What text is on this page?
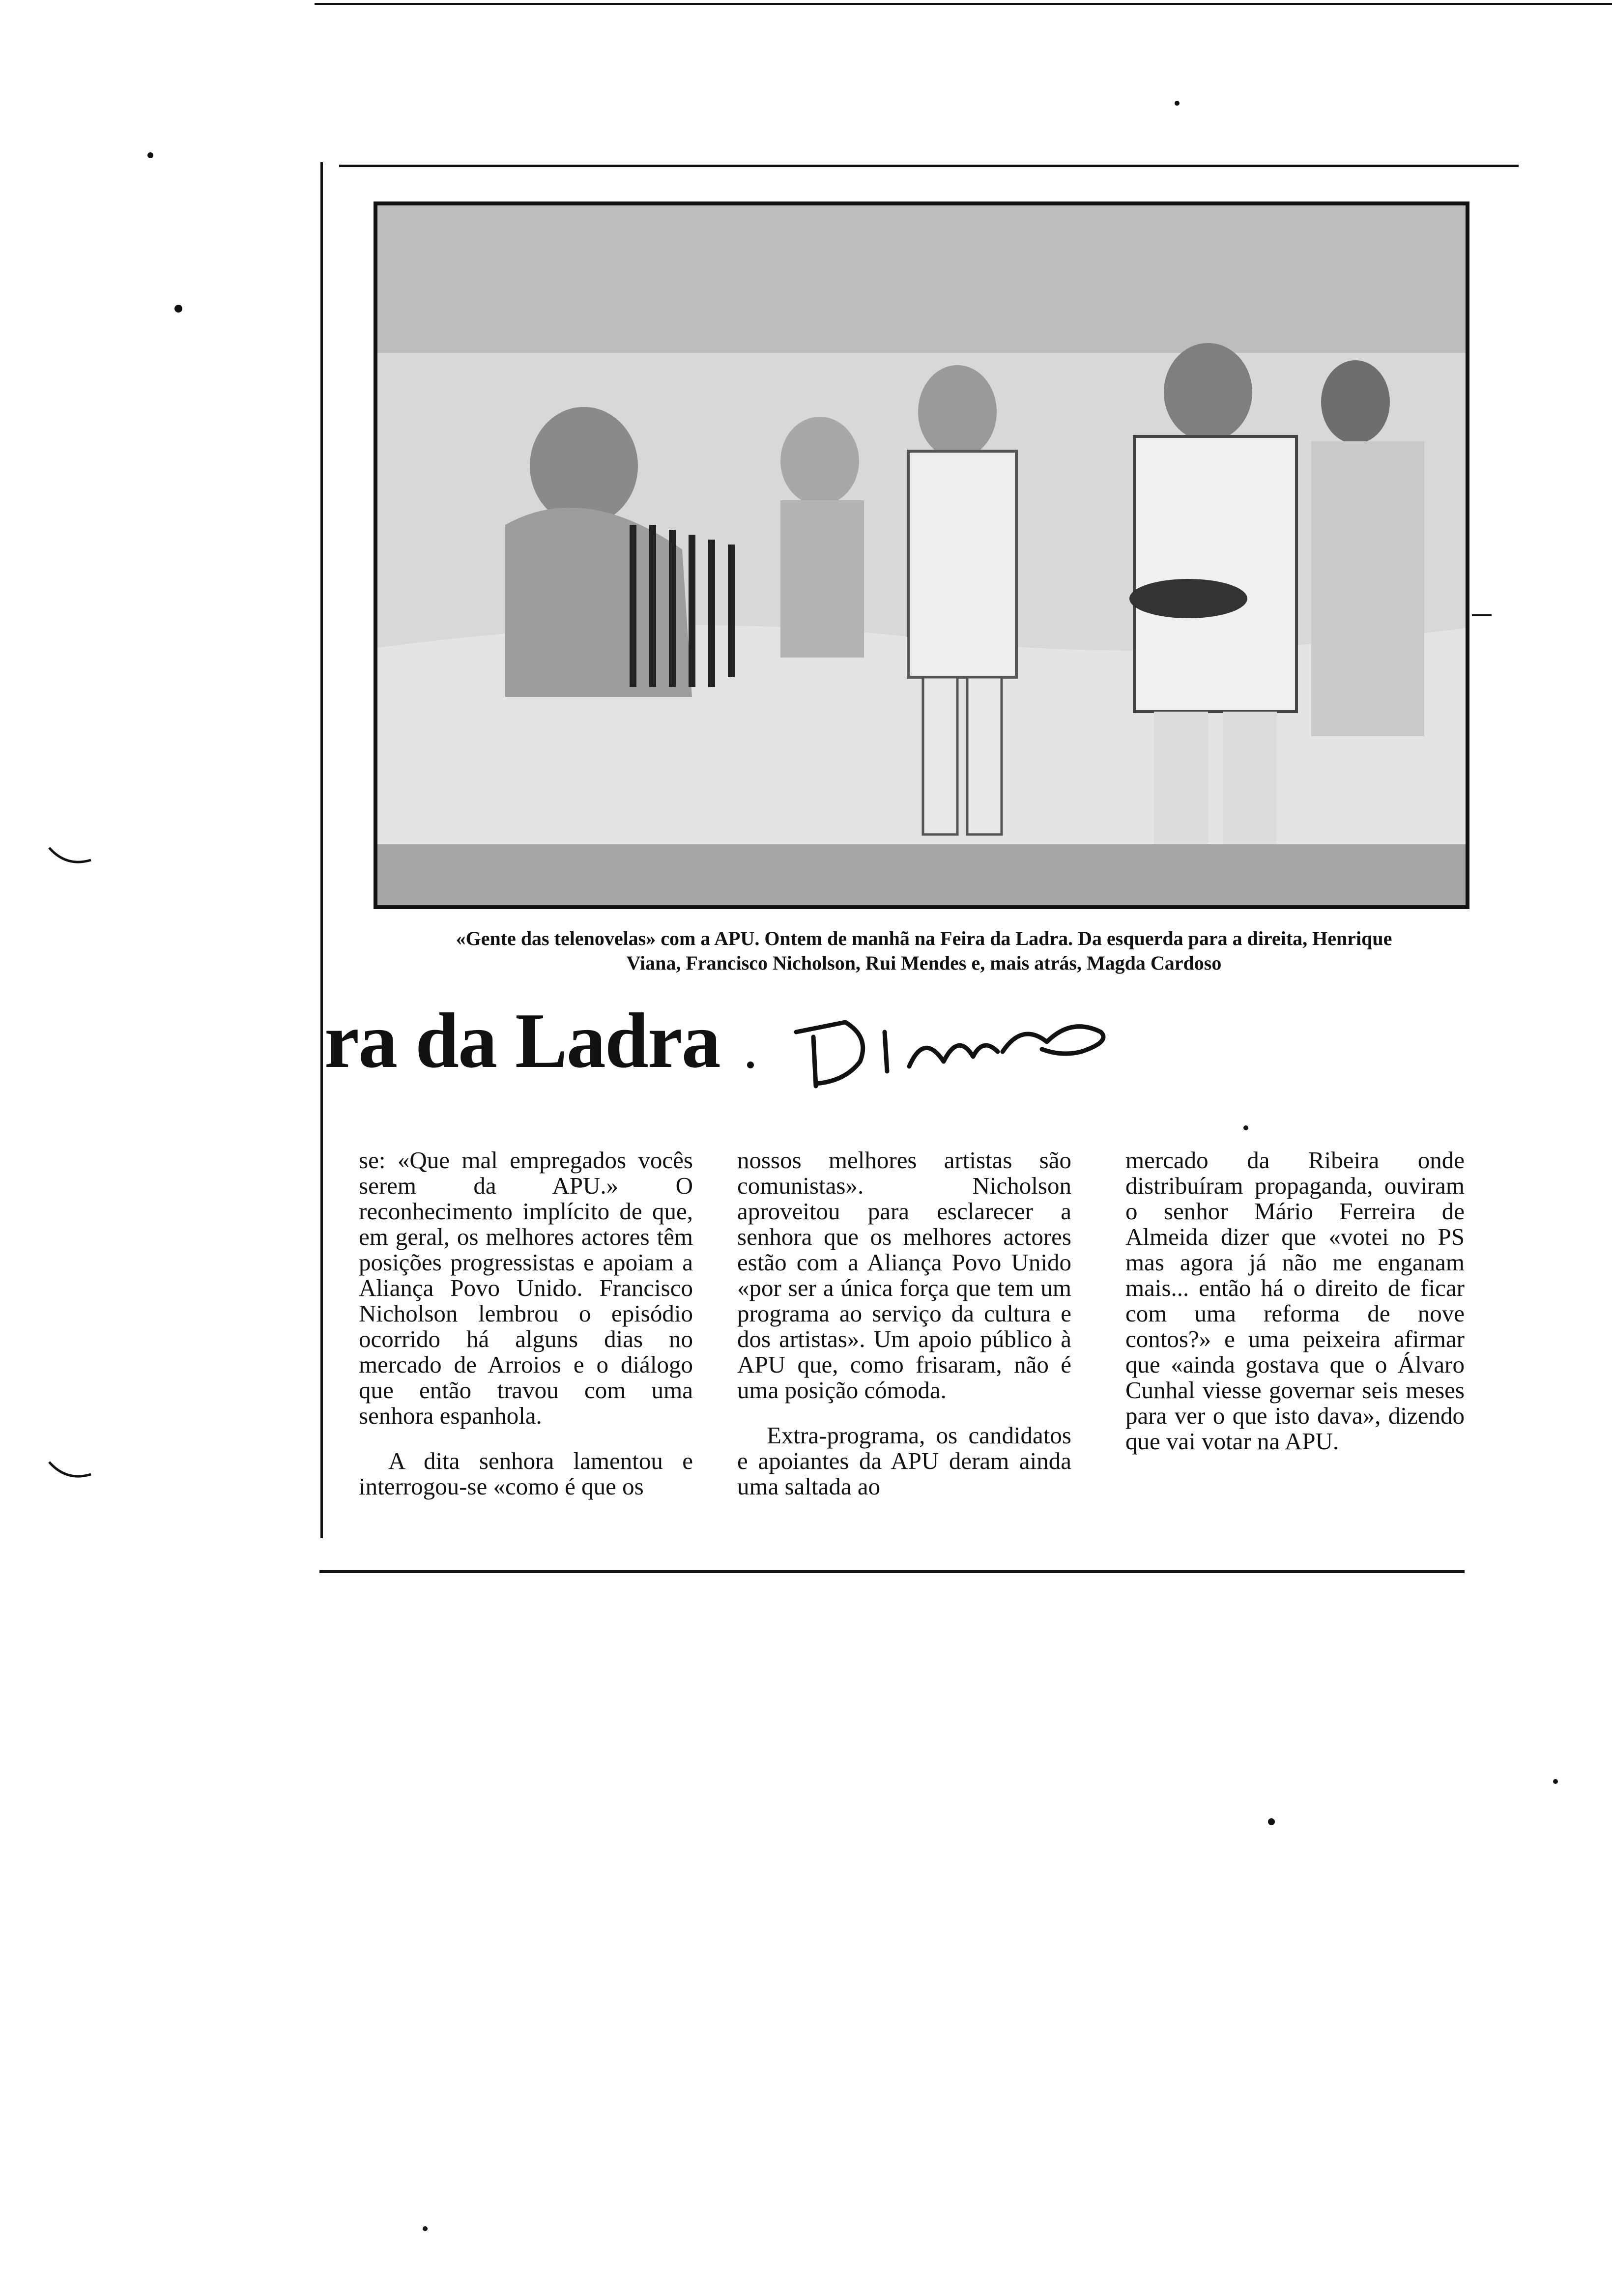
«Gente das telenovelas» com a APU. Ontem de manhã na Feira da Ladra. Da esquerda para a direita, Henrique
Viana, Francisco Nicholson, Rui Mendes e, mais atrás, Magda Cardoso
ra da Ladra

se: «Que mal empregados vocês serem da APU.» O reconhecimento implícito de que, em geral, os melhores actores têm posições progressistas e apoiam a Aliança Povo Unido. Francisco Nicholson lembrou o episódio ocorrido há alguns dias no mercado de Arroios e o diálogo que então travou com uma senhora espanhola.

A dita senhora lamentou e interrogou-se «como é que os

nossos melhores artistas são comunistas». Nicholson aproveitou para esclarecer a senhora que os melhores actores estão com a Aliança Povo Unido «por ser a única força que tem um programa ao serviço da cultura e dos artistas». Um apoio público à APU que, como frisaram, não é uma posição cómoda.

Extra-programa, os candidatos e apoiantes da APU deram ainda uma saltada ao

mercado da Ribeira onde distribuíram propaganda, ouviram o senhor Mário Ferreira de Almeida dizer que «votei no PS mas agora já não me enganam mais... então há o direito de ficar com uma reforma de nove contos?» e uma peixeira afirmar que «ainda gostava que o Álvaro Cunhal viesse governar seis meses para ver o que isto dava», dizendo que vai votar na APU.
